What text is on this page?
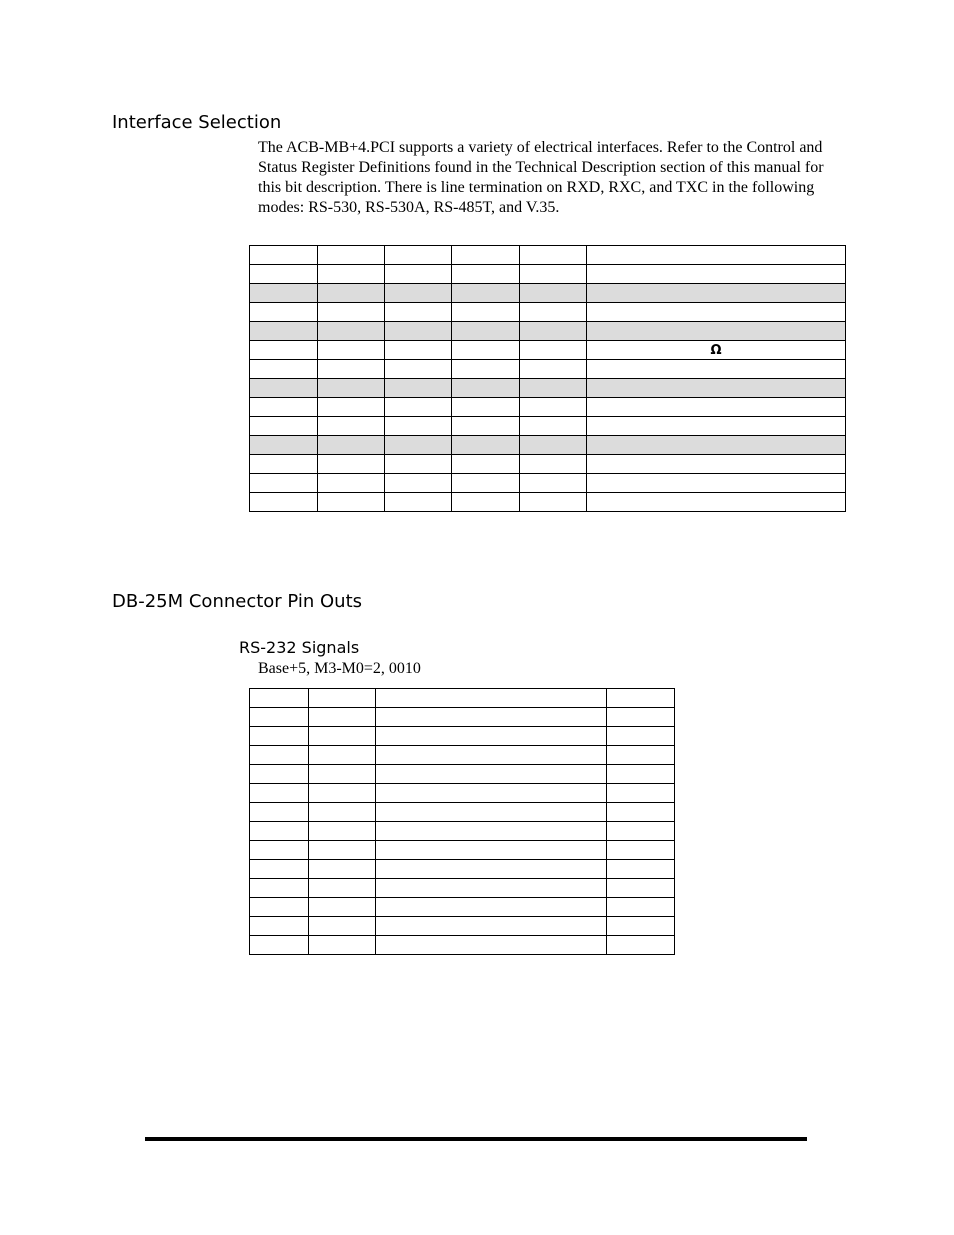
Interface Selection

The ACB-MB+4.PCI supports a variety of electrical interfaces. Refer to the Control and Status Register Definitions found in the Technical Description section of this manual for this bit description. There is line termination on RXD, RXC, and TXC in the following modes: RS-530, RS-530A, RS-485T, and V.35.

					Ω

DB-25M Connector Pin Outs
RS-232 Signals

Base+5, M3-M0=2, 0010
